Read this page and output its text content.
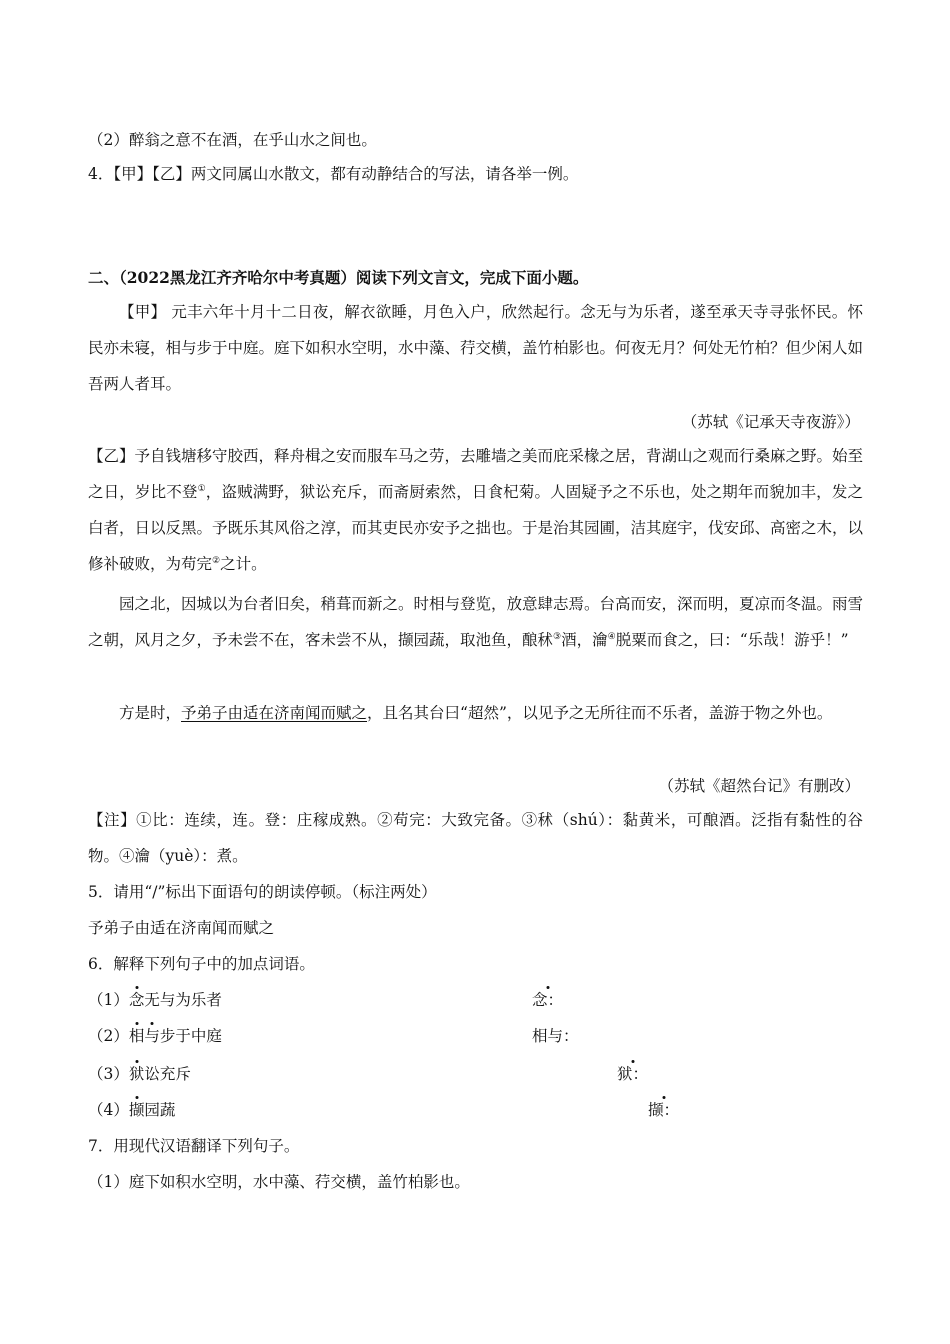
（2）醉翁之意不在酒，在乎山水之间也。
4．【甲】【乙】两文同属山水散文，都有动静结合的写法，请各举一例。
二、（2022黑龙江齐齐哈尔中考真题）阅读下列文言文，完成下面小题。
【甲】 元丰六年十月十二日夜，解衣欲睡，月色入户，欣然起行。念无与为乐者，遂至承天寺寻张怀民。怀民亦未寝，相与步于中庭。庭下如积水空明，水中藻、荇交横，盖竹柏影也。何夜无月？何处无竹柏？但少闲人如吾两人者耳。
（苏轼《记承天寺夜游》）
【乙】予自钱塘移守胶西，释舟楫之安而服车马之劳，去雕墙之美而庇采椽之居，背湖山之观而行桑麻之野。始至之日，岁比不登①，盗贼满野，狱讼充斥，而斋厨索然，日食杞菊。人固疑予之不乐也，处之期年而貌加丰，发之白者，日以反黑。予既乐其风俗之淳，而其吏民亦安予之拙也。于是治其园圃，洁其庭宇，伐安邱、高密之木，以修补破败，为苟完②之计。
园之北，因城以为台者旧矣，稍葺而新之。时相与登览，放意肆志焉。台高而安，深而明，夏凉而冬温。雨雪之朝，风月之夕，予未尝不在，客未尝不从，撷园蔬，取池鱼，酿秫③酒，瀹④脱粟而食之，曰：“乐哉！游乎！”
方是时，予弟子由适在济南闻而赋之，且名其台曰“超然”，以见予之无所往而不乐者，盖游于物之外也。
（苏轼《超然台记》有删改）
【注】①比：连续，连。登：庄稼成熟。②苟完：大致完备。③秫（shú）：黏黄米，可酿酒。泛指有黏性的谷物。④瀹（yuè）：煮。
5．请用“/”标出下面语句的朗读停顿。（标注两处）
予弟子由适在济南闻而赋之
6．解释下列句子中的加点词语。
（1）念无与为乐者	念：
（2）相与步于中庭	相与：
（3）狱讼充斥	狱：
（4）撷园蔬	撷：
7．用现代汉语翻译下列句子。
（1）庭下如积水空明，水中藻、荇交横，盖竹柏影也。
